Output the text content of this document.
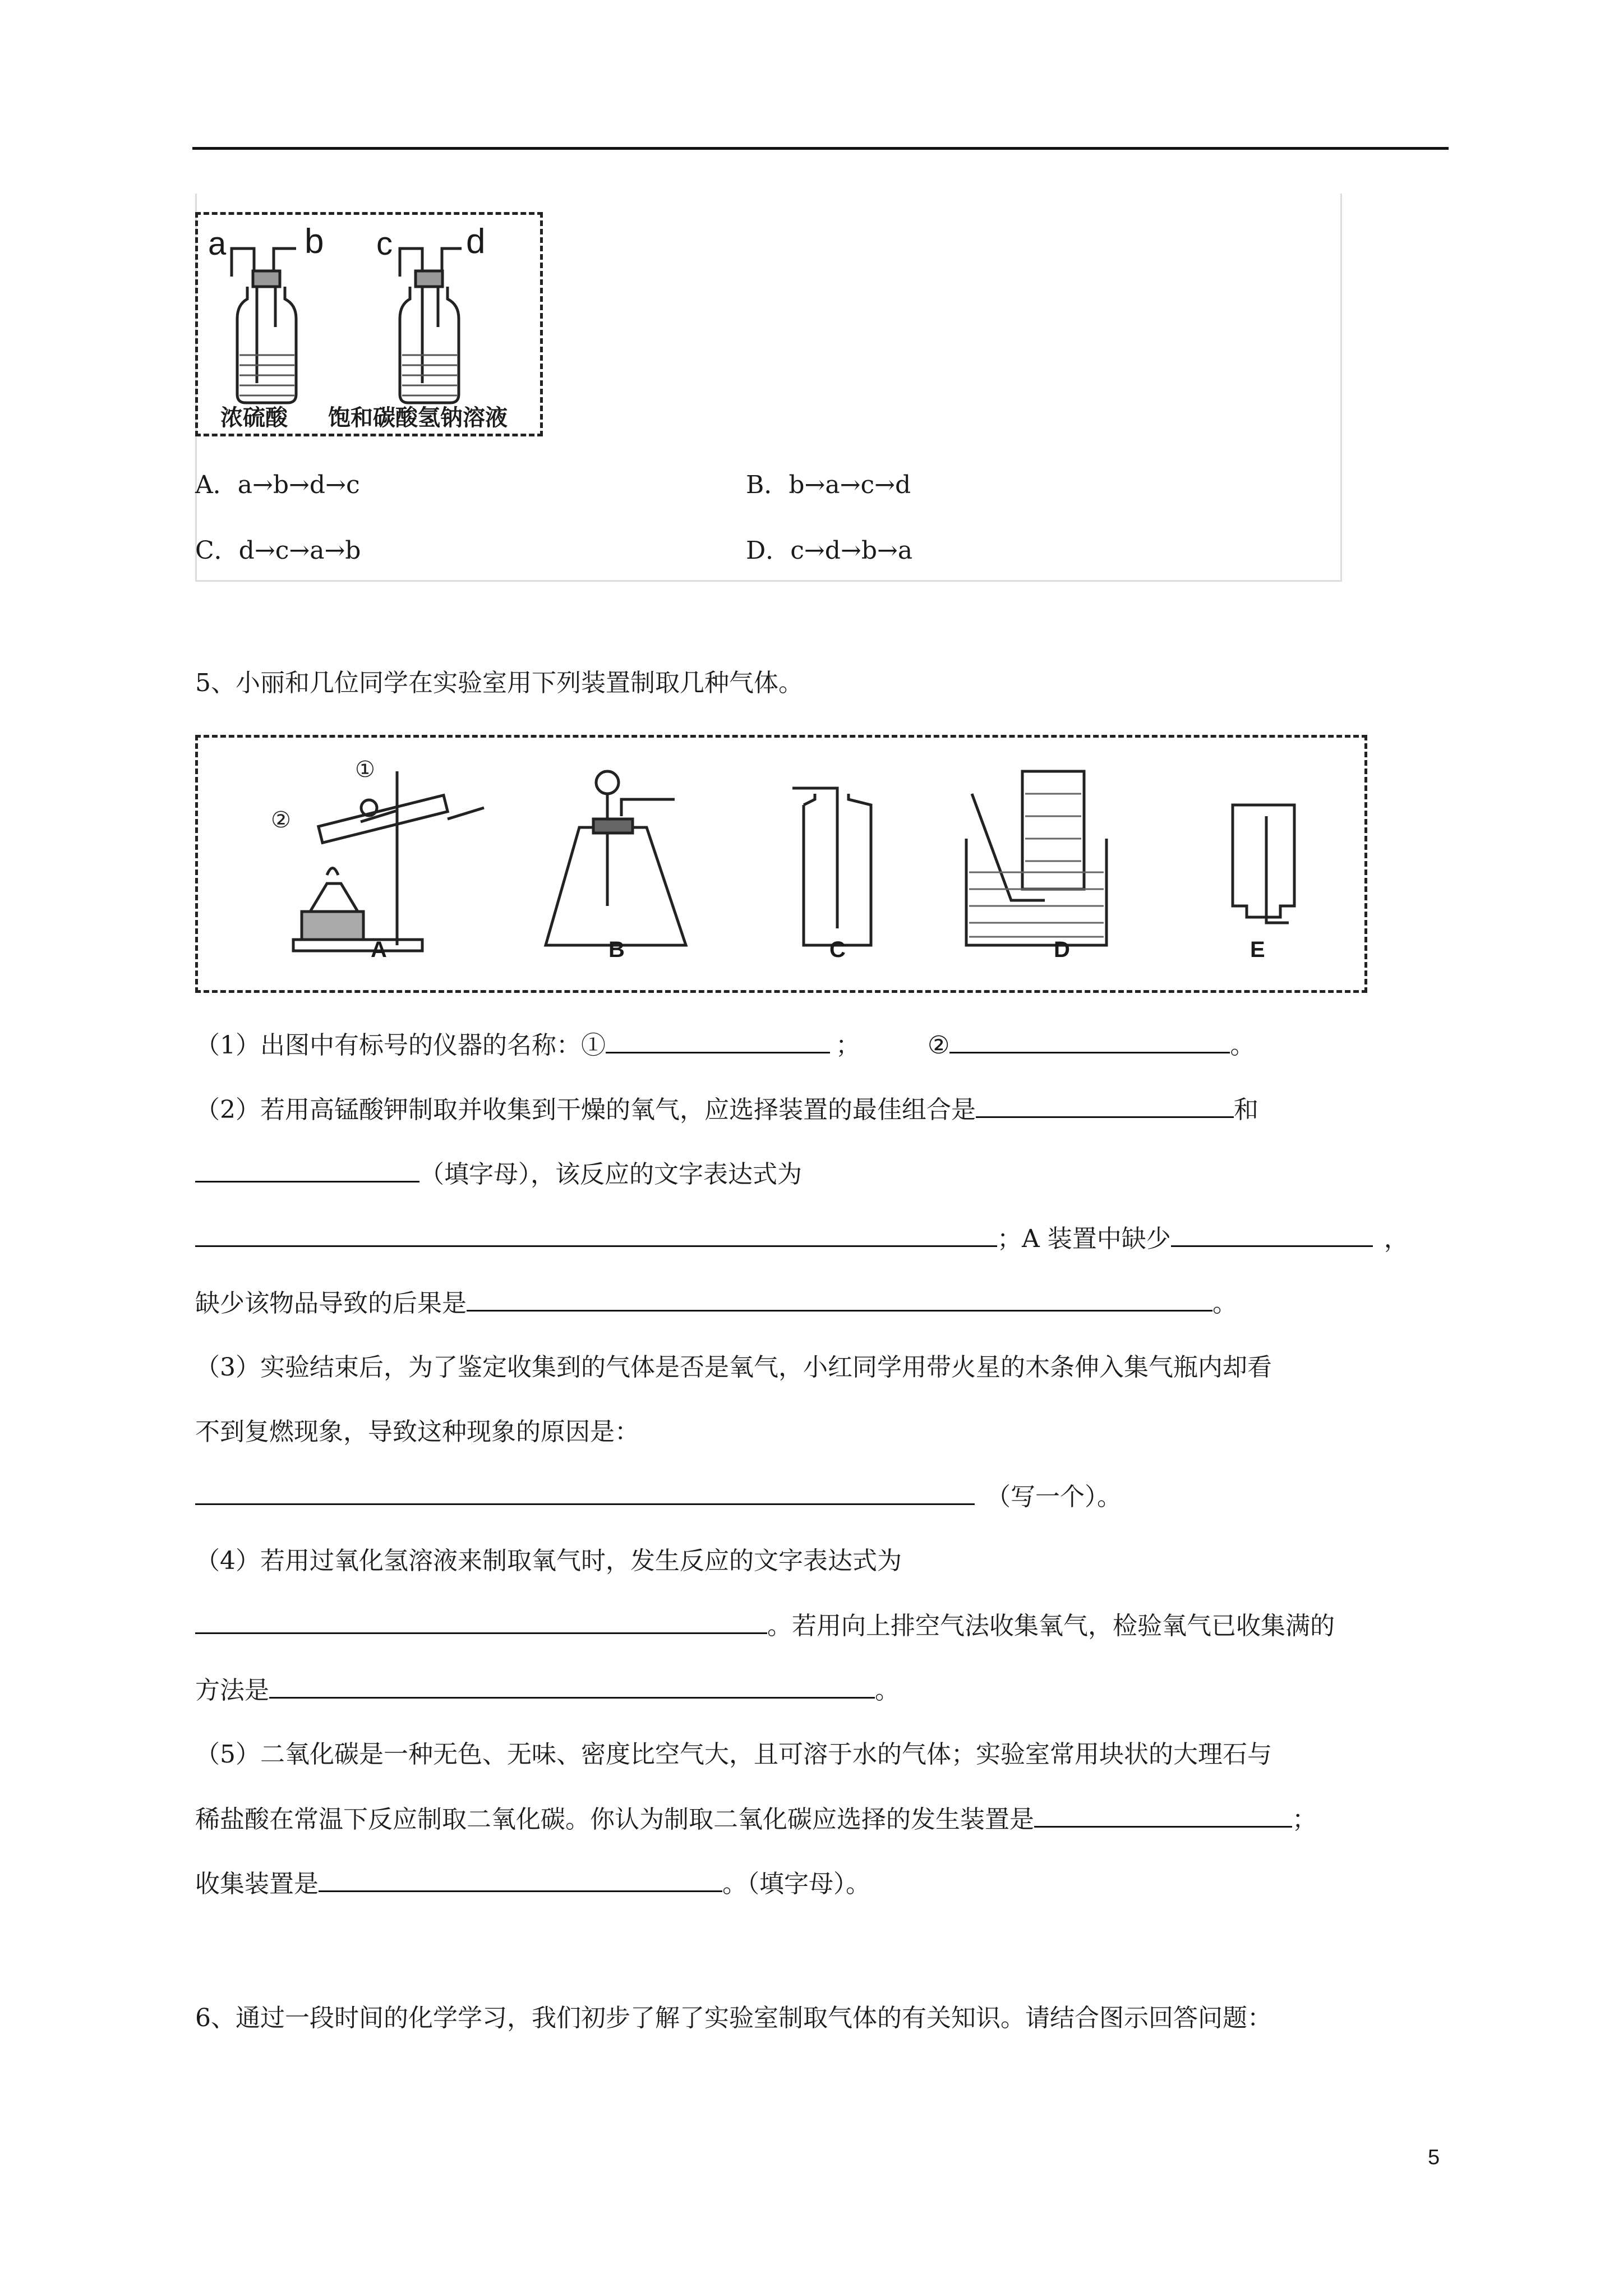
a b c d
浓硫酸 饱和碳酸氢钠溶液
A．a→b→d→c	B．b→a→c→d
C．d→c→a→b	D．c→d→b→a
5、小丽和几位同学在实验室用下列装置制取几种气体。
①
②
A	B	C	D	E
（1）出图中有标号的仪器的名称：①	；	②	。
（2）若用高锰酸钾制取并收集到干燥的氧气，应选择装置的最佳组合是	和
（填字母），该反应的文字表达式为
；A 装置中缺少	，
缺少该物品导致的后果是	。
（3）实验结束后，为了鉴定收集到的气体是否是氧气，小红同学用带火星的木条伸入集气瓶内却看
不到复燃现象，导致这种现象的原因是：
（写一个）。
（4）若用过氧化氢溶液来制取氧气时，发生反应的文字表达式为
。若用向上排空气法收集氧气，检验氧气已收集满的
方法是	。
（5）二氧化碳是一种无色、无味、密度比空气大，且可溶于水的气体；实验室常用块状的大理石与
稀盐酸在常温下反应制取二氧化碳。你认为制取二氧化碳应选择的发生装置是	；
收集装置是	。（填字母）。
6、通过一段时间的化学学习，我们初步了解了实验室制取气体的有关知识。请结合图示回答问题：
5
